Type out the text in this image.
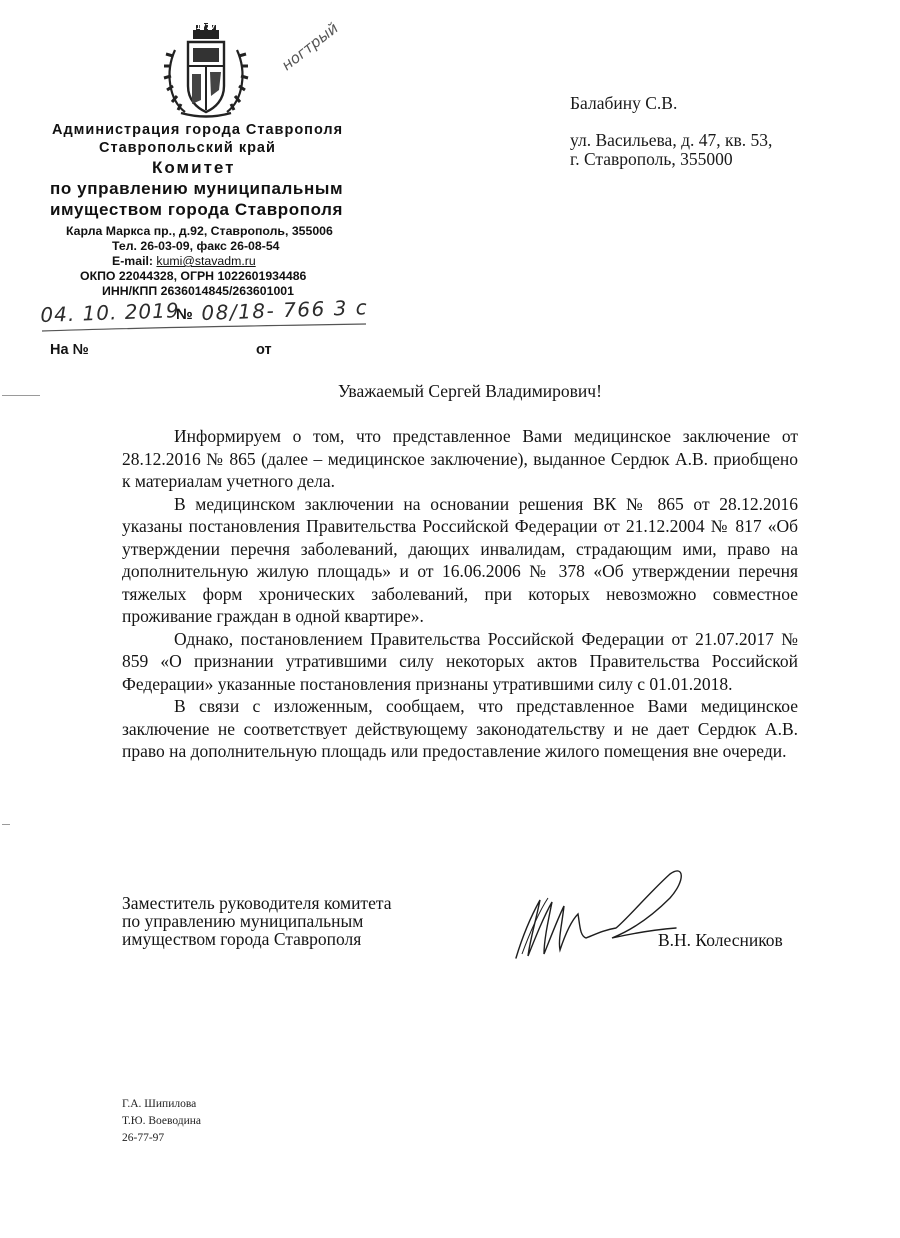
1777	ногтрый
Администрация города Ставрополя
Ставропольский край
Комитет
по управлению муниципальным
имуществом города Ставрополя
Карла Маркса пр., д.92, Ставрополь, 355006
Тел. 26-03-09, факс 26-08-54
E-mail: kumi@stavadm.ru
ОКПО 22044328, ОГРН 1022601934486
ИНН/КПП 2636014845/263601001
04. 10. 2019
№ 08/18- 766 3 с
На №	от
Балабину С.В.
ул. Васильева, д. 47, кв. 53,
г. Ставрополь, 355000
Уважаемый Сергей Владимирович!

Информируем о том, что представленное Вами медицинское заключение от 28.12.2016 № 865 (далее – медицинское заключение), выданное Сердюк А.В. приобщено к материалам учетного дела.

В медицинском заключении на основании решения ВК № 865 от 28.12.2016 указаны постановления Правительства Российской Федерации от 21.12.2004 № 817 «Об утверждении перечня заболеваний, дающих инвалидам, страдающим ими, право на дополнительную жилую площадь» и от 16.06.2006 № 378 «Об утверждении перечня тяжелых форм хронических заболеваний, при которых невозможно совместное проживание граждан в одной квартире».

Однако, постановлением Правительства Российской Федерации от 21.07.2017 № 859 «О признании утратившими силу некоторых актов Правительства Российской Федерации» указанные постановления признаны утратившими силу с 01.01.2018.

В связи с изложенным, сообщаем, что представленное Вами медицинское заключение не соответствует действующему законодательству и не дает Сердюк А.В. право на дополнительную площадь или предоставление жилого помещения вне очереди.

Заместитель руководителя комитета
по управлению муниципальным
имуществом города Ставрополя	В.Н. Колесников
Г.А. Шипилова
Т.Ю. Воеводина
26-77-97
